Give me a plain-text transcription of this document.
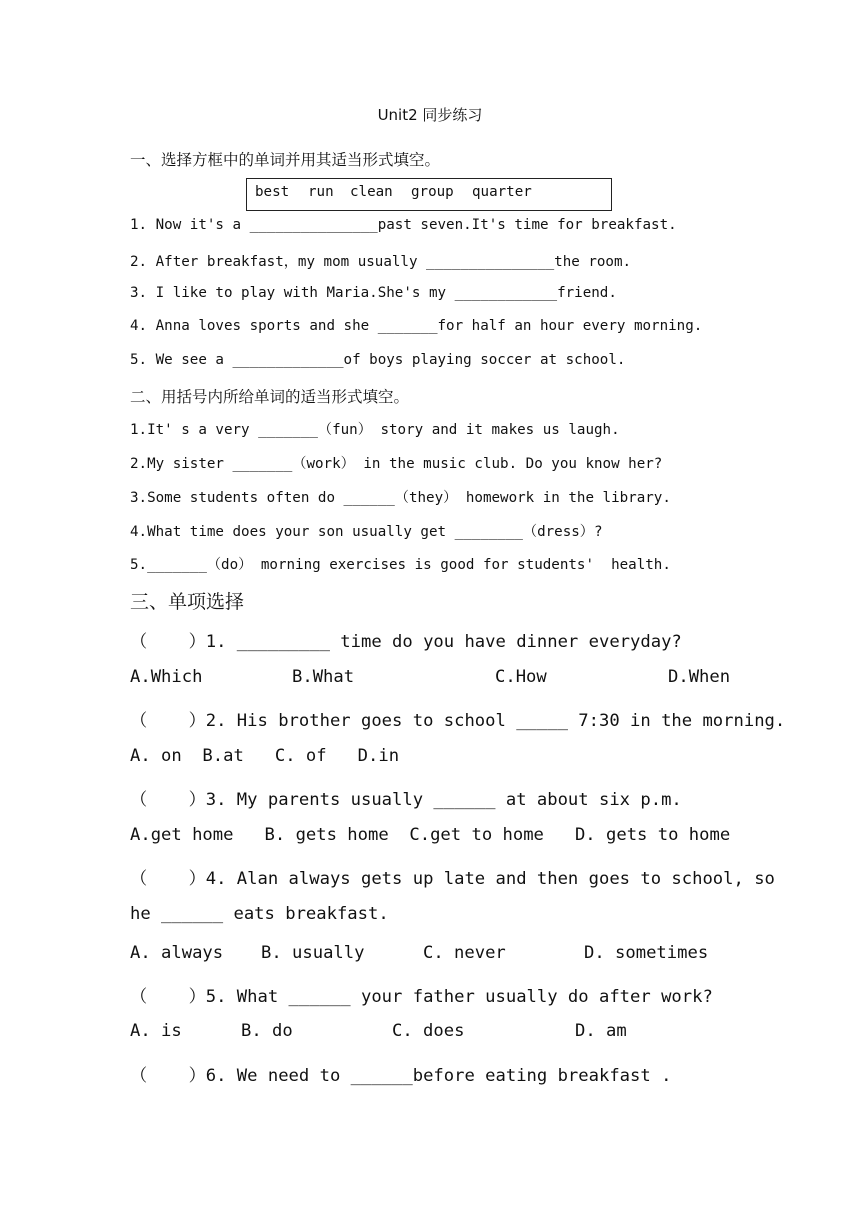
Unit2 同步练习
一、选择方框中的单词并用其适当形式填空。
best run clean group quarter
1. Now it's a _______________past seven.It's time for breakfast.
2. After breakfast，my mom usually _______________the room.
3. I like to play with Maria.She's my ____________friend.
4. Anna loves sports and she _______for half an hour every morning.
5. We see a _____________of boys playing soccer at school.
二、用括号内所给单词的适当形式填空。
1.It' s a very _______（fun） story and it makes us laugh.
2.My sister _______（work） in the music club. Do you know her?
3.Some students often do ______（they） homework in the library.
4.What time does your son usually get ________（dress）?
5._______（do） morning exercises is good for students'  health.
三、单项选择
（    ）1. _________ time do you have dinner everyday?
A.Which	B.What	C.How	D.When
（    ）2. His brother goes to school _____ 7:30 in the morning.
A. on  B.at   C. of   D.in
（    ）3. My parents usually ______ at about six p.m.
A.get home   B. gets home  C.get to home   D. gets to home
（    ）4. Alan always gets up late and then goes to school, so
he ______ eats breakfast.
A. always B. usually	C. never	D. sometimes
（    ）5. What ______ your father usually do after work?
A. is	B. do	C. does	D. am
（    ）6. We need to ______before eating breakfast .
